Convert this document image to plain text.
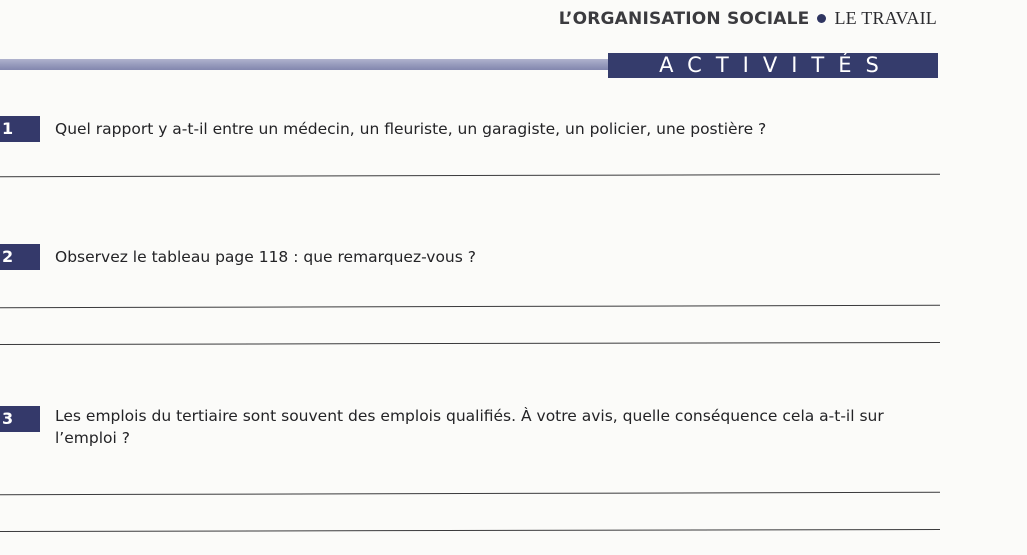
L’ORGANISATION SOCIALE LE TRAVAIL
ACTIVITÉS
1	Quel rapport y a-t-il entre un médecin, un fleuriste, un garagiste, un policier, une postière ?

2	Observez le tableau page 118 : que remarquez-vous ?

3	Les emplois du tertiaire sont souvent des emplois qualifiés. À votre avis, quelle conséquence cela a-t-il sur l’emploi ?
